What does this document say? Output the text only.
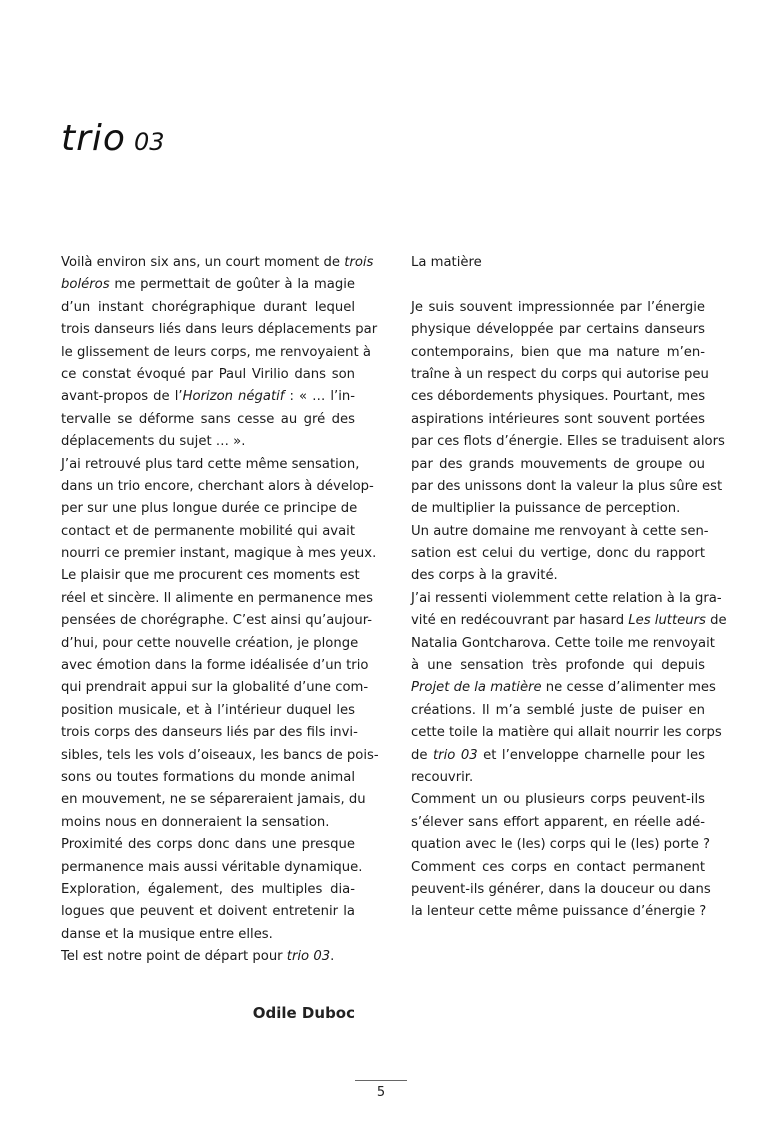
trio 03
Voilà environ six ans, un court moment de trois
boléros me permettait de goûter à la magie
d’un instant chorégraphique durant lequel
trois danseurs liés dans leurs déplacements par
le glissement de leurs corps, me renvoyaient à
ce constat évoqué par Paul Virilio dans son
avant-propos de l’Horizon négatif : « … l’in-
tervalle se déforme sans cesse au gré des
déplacements du sujet … ».
J’ai retrouvé plus tard cette même sensation,
dans un trio encore, cherchant alors à dévelop-
per sur une plus longue durée ce principe de
contact et de permanente mobilité qui avait
nourri ce premier instant, magique à mes yeux.
Le plaisir que me procurent ces moments est
réel et sincère. Il alimente en permanence mes
pensées de chorégraphe. C’est ainsi qu’aujour-
d’hui, pour cette nouvelle création, je plonge
avec émotion dans la forme idéalisée d’un trio
qui prendrait appui sur la globalité d’une com-
position musicale, et à l’intérieur duquel les
trois corps des danseurs liés par des fils invi-
sibles, tels les vols d’oiseaux, les bancs de pois-
sons ou toutes formations du monde animal
en mouvement, ne se sépareraient jamais, du
moins nous en donneraient la sensation.
Proximité des corps donc dans une presque
permanence mais aussi véritable dynamique.
Exploration, également, des multiples dia-
logues que peuvent et doivent entretenir la
danse et la musique entre elles.
Tel est notre point de départ pour trio 03.
La matière
Je suis souvent impressionnée par l’énergie
physique développée par certains danseurs
contemporains, bien que ma nature m’en-
traîne à un respect du corps qui autorise peu
ces débordements physiques. Pourtant, mes
aspirations intérieures sont souvent portées
par ces flots d’énergie. Elles se traduisent alors
par des grands mouvements de groupe ou
par des unissons dont la valeur la plus sûre est
de multiplier la puissance de perception.
Un autre domaine me renvoyant à cette sen-
sation est celui du vertige, donc du rapport
des corps à la gravité.
J’ai ressenti violemment cette relation à la gra-
vité en redécouvrant par hasard Les lutteurs de
Natalia Gontcharova. Cette toile me renvoyait
à une sensation très profonde qui depuis
Projet de la matière ne cesse d’alimenter mes
créations. Il m’a semblé juste de puiser en
cette toile la matière qui allait nourrir les corps
de trio 03 et l’enveloppe charnelle pour les
recouvrir.
Comment un ou plusieurs corps peuvent-ils
s’élever sans effort apparent, en réelle adé-
quation avec le (les) corps qui le (les) porte ?
Comment ces corps en contact permanent
peuvent-ils générer, dans la douceur ou dans
la lenteur cette même puissance d’énergie ?
Odile Duboc
5
